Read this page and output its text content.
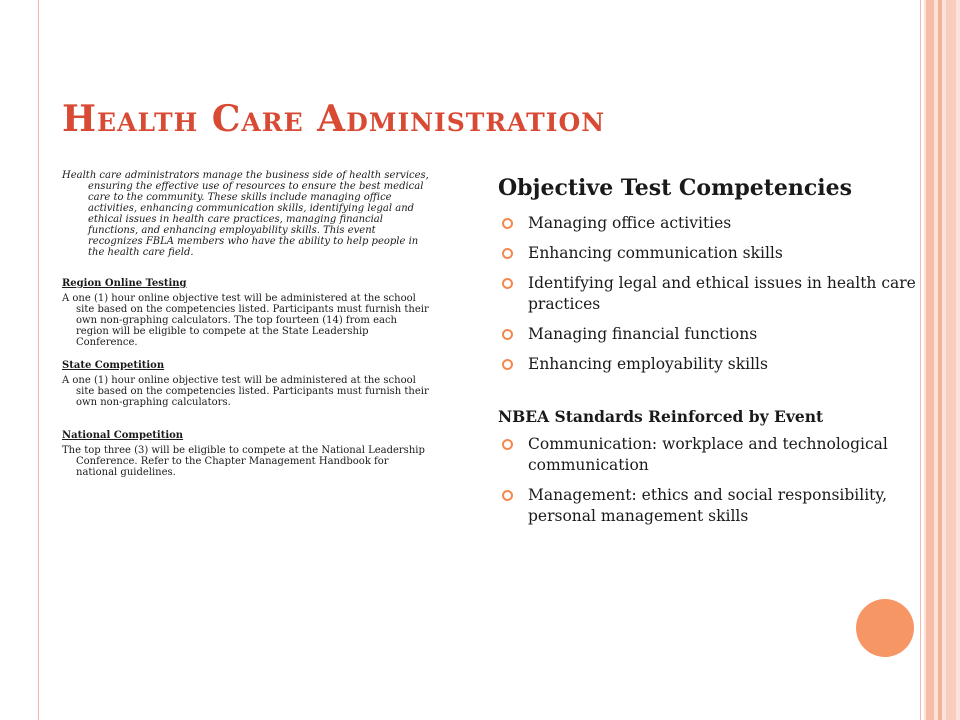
Health Care Administration

Health care administrators manage the business side of health services, ensuring the effective use of resources to ensure the best medical care to the community. These skills include managing office activities, enhancing communication skills, identifying legal and ethical issues in health care practices, managing financial functions, and enhancing employability skills. This event recognizes FBLA members who have the ability to help people in the health care field.

Region Online Testing

A one (1) hour online objective test will be administered at the school site based on the competencies listed. Participants must furnish their own non-graphing calculators. The top fourteen (14) from each region will be eligible to compete at the State Leadership Conference.

State Competition

A one (1) hour online objective test will be administered at the school site based on the competencies listed. Participants must furnish their own non-graphing calculators.

National Competition

The top three (3) will be eligible to compete at the National Leadership Conference. Refer to the Chapter Management Handbook for national guidelines.

Objective Test Competencies
Managing office activities
Enhancing communication skills
Identifying legal and ethical issues in health care practices
Managing financial functions
Enhancing employability skills
NBEA Standards Reinforced by Event
Communication: workplace and technological communication
Management: ethics and social responsibility, personal management skills
